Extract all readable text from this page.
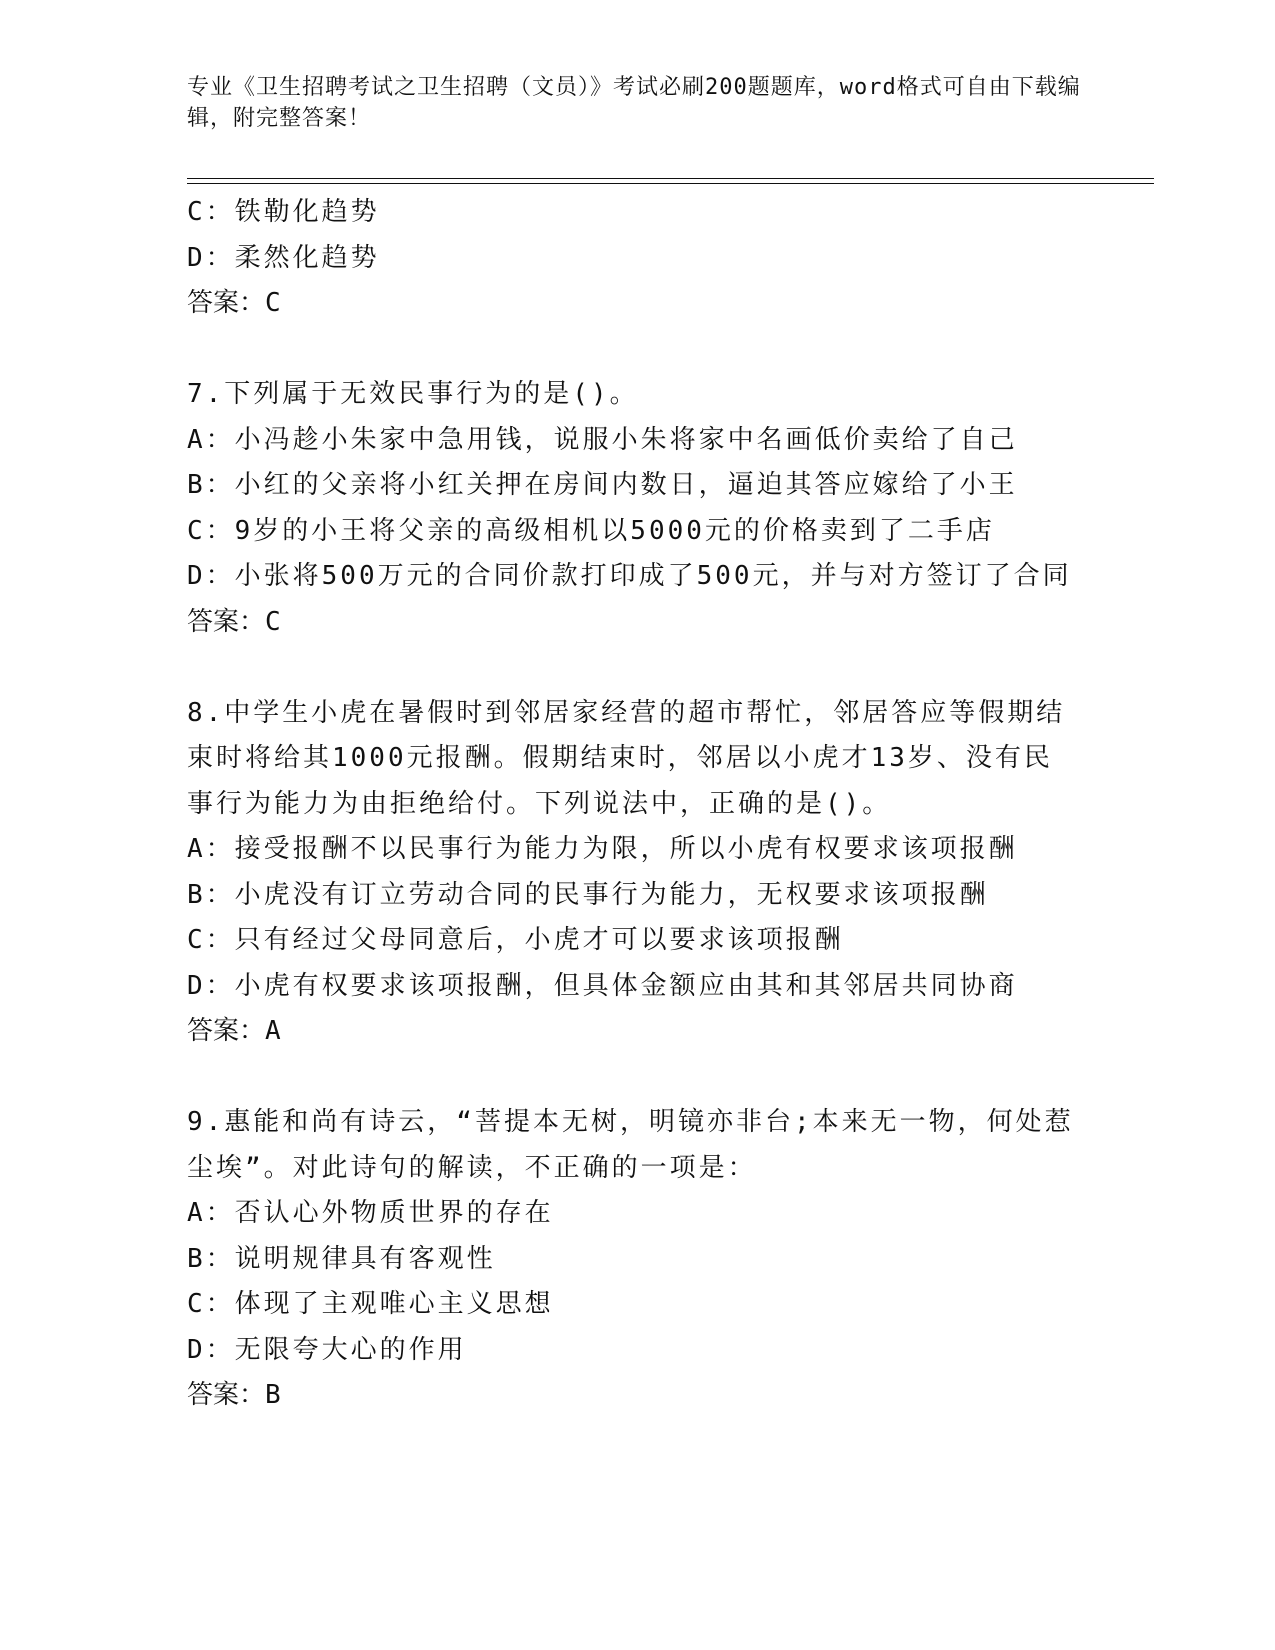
专业《卫生招聘考试之卫生招聘（文员）》考试必刷200题题库，word格式可自由下载编辑，附完整答案！
C：铁勒化趋势
D：柔然化趋势
答案：C
7.下列属于无效民事行为的是()。
A：小冯趁小朱家中急用钱，说服小朱将家中名画低价卖给了自己
B：小红的父亲将小红关押在房间内数日，逼迫其答应嫁给了小王
C：9岁的小王将父亲的高级相机以5000元的价格卖到了二手店
D：小张将500万元的合同价款打印成了500元，并与对方签订了合同
答案：C
8.中学生小虎在暑假时到邻居家经营的超市帮忙，邻居答应等假期结
束时将给其1000元报酬。假期结束时，邻居以小虎才13岁、没有民
事行为能力为由拒绝给付。下列说法中，正确的是()。
A：接受报酬不以民事行为能力为限，所以小虎有权要求该项报酬
B：小虎没有订立劳动合同的民事行为能力，无权要求该项报酬
C：只有经过父母同意后，小虎才可以要求该项报酬
D：小虎有权要求该项报酬，但具体金额应由其和其邻居共同协商
答案：A
9.惠能和尚有诗云，“菩提本无树，明镜亦非台;本来无一物，何处惹
尘埃”。对此诗句的解读，不正确的一项是：
A：否认心外物质世界的存在
B：说明规律具有客观性
C：体现了主观唯心主义思想
D：无限夸大心的作用
答案：B
